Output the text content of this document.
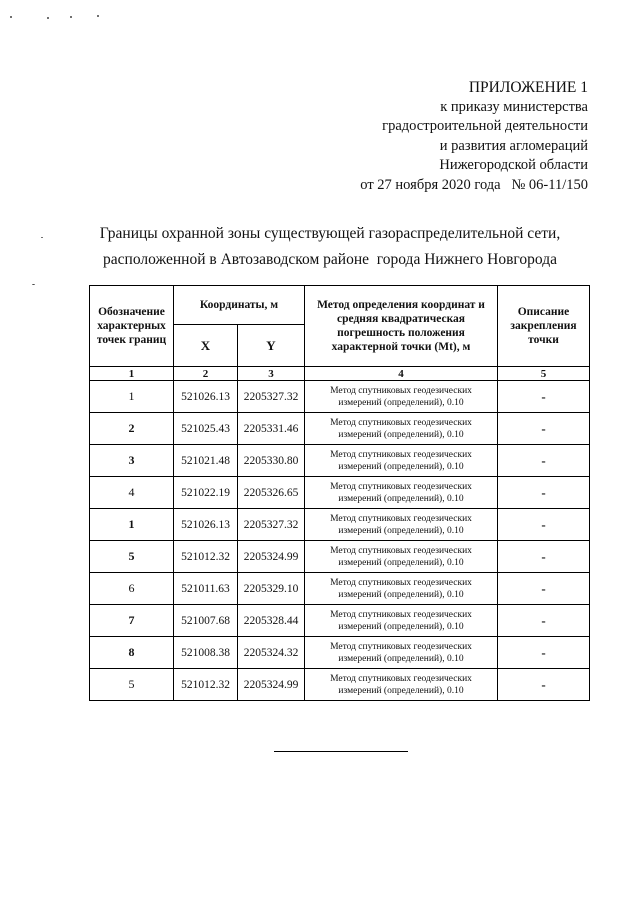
ПРИЛОЖЕНИЕ 1
к приказу министерства
градостроительной деятельности
и развития агломераций
Нижегородской области
от 27 ноября 2020 года   № 06-11/150
Границы охранной зоны существующей газораспределительной сети,
расположенной в Автозаводском районе  города Нижнего Новгорода
Обозначение характерных точек границ	Координаты, м		Метод определения координат и средняя квадратическая погрешность положения характерной точки (Mt), м	Описание закрепления точки
	X	Y		
1	2	3	4	5
1	521026.13	2205327.32	Метод спутниковых геодезических измерений (определений), 0.10	-
2	521025.43	2205331.46	Метод спутниковых геодезических измерений (определений), 0.10	-
3	521021.48	2205330.80	Метод спутниковых геодезических измерений (определений), 0.10	-
4	521022.19	2205326.65	Метод спутниковых геодезических измерений (определений), 0.10	-
1	521026.13	2205327.32	Метод спутниковых геодезических измерений (определений), 0.10	-
5	521012.32	2205324.99	Метод спутниковых геодезических измерений (определений), 0.10	-
6	521011.63	2205329.10	Метод спутниковых геодезических измерений (определений), 0.10	-
7	521007.68	2205328.44	Метод спутниковых геодезических измерений (определений), 0.10	-
8	521008.38	2205324.32	Метод спутниковых геодезических измерений (определений), 0.10	-
5	521012.32	2205324.99	Метод спутниковых геодезических измерений (определений), 0.10	-
